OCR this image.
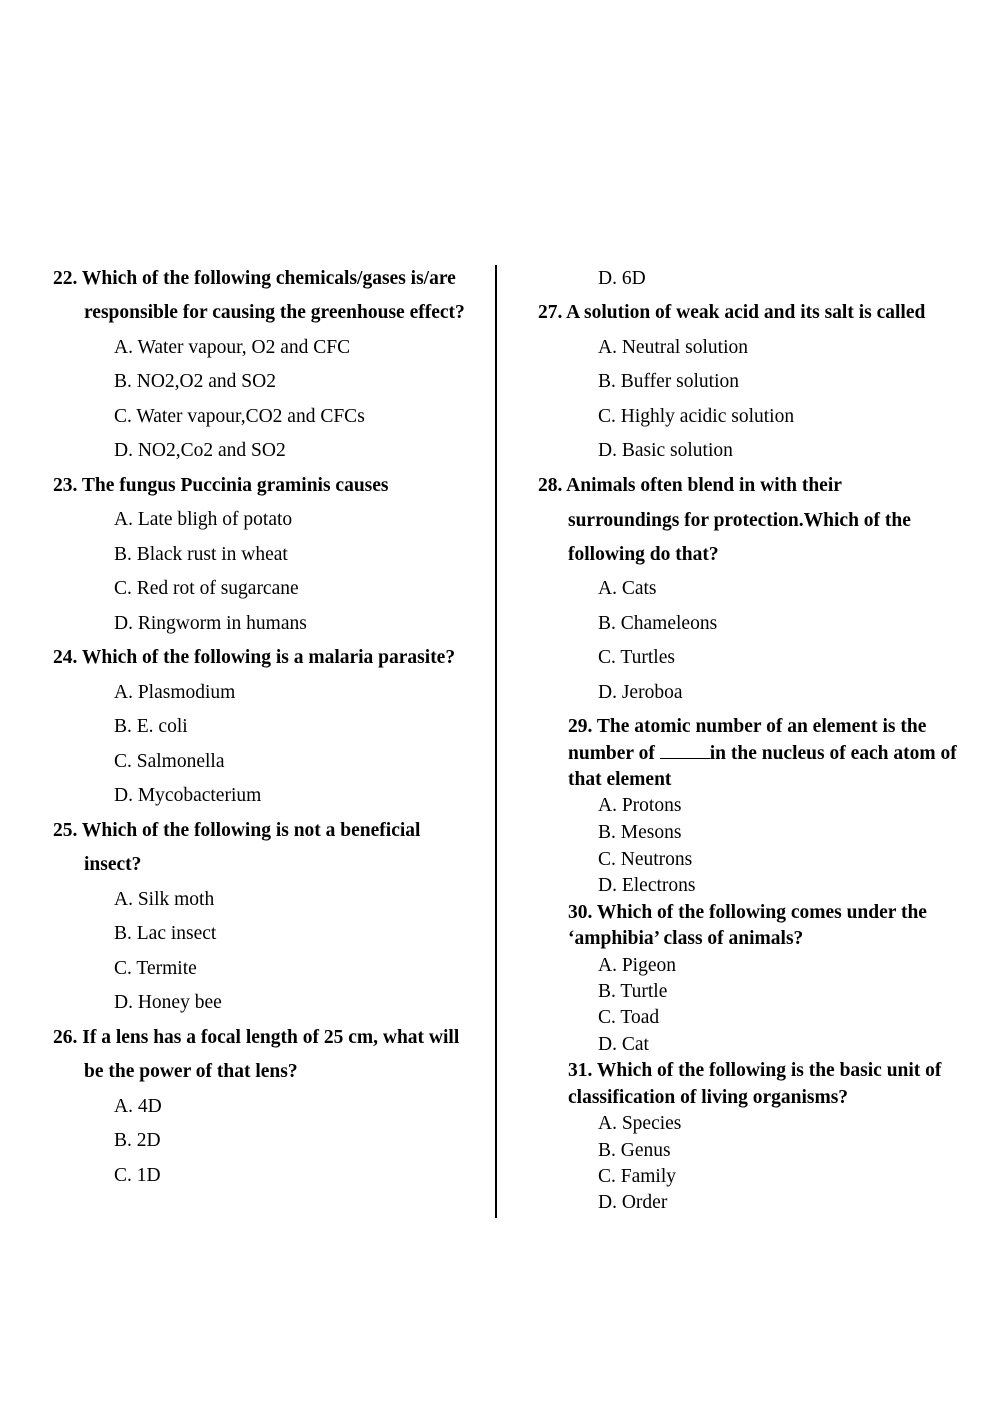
22. Which of the following chemicals/gases is/are
responsible for causing the greenhouse effect?
A. Water vapour, O2 and CFC
B. NO2,O2 and SO2
C. Water vapour,CO2 and CFCs
D. NO2,Co2 and SO2
23. The fungus Puccinia graminis causes
A. Late bligh of potato
B. Black rust in wheat
C. Red rot of sugarcane
D. Ringworm in humans
24. Which of the following is a malaria parasite?
A. Plasmodium
B. E. coli
C. Salmonella
D. Mycobacterium
25. Which of the following is not a beneficial
insect?
A. Silk moth
B. Lac insect
C. Termite
D. Honey bee
26. If a lens has a focal length of 25 cm, what will
be the power of that lens?
A. 4D
B. 2D
C. 1D
D. 6D
27. A solution of weak acid and its salt is called
A. Neutral solution
B. Buffer solution
C. Highly acidic solution
D. Basic solution
28. Animals often blend in with their
surroundings for protection.Which of the
following do that?
A. Cats
B. Chameleons
C. Turtles
D. Jeroboa
29. The atomic number of an element is the
number of	in the nucleus of each atom of
that element
A. Protons
B. Mesons
C. Neutrons
D. Electrons
30. Which of the following comes under the
‘amphibia’ class of animals?
A. Pigeon
B. Turtle
C. Toad
D. Cat
31. Which of the following is the basic unit of
classification of living organisms?
A. Species
B. Genus
C. Family
D. Order
